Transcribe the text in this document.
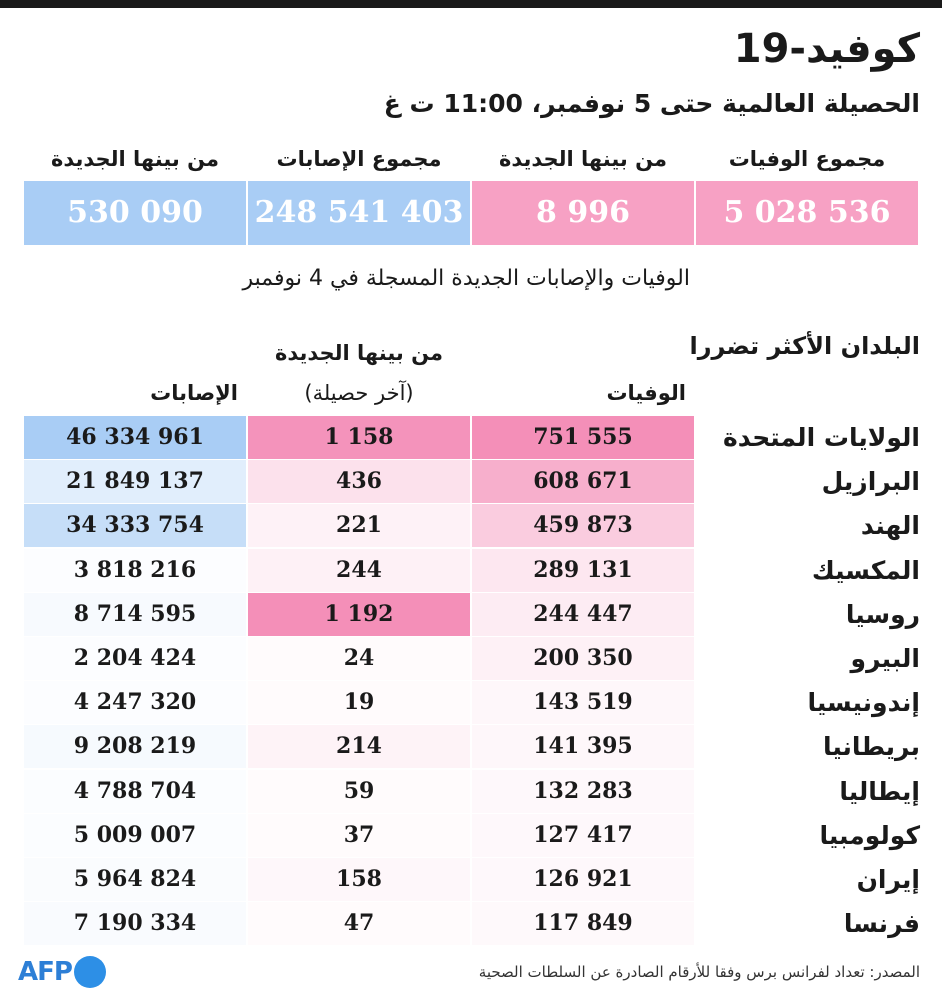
كوفيد-19
الحصيلة العالمية حتى 5 نوفمبر، 11:00 ت غ
مجموع الوفيات
من بينها الجديدة
مجموع الإصابات
من بينها الجديدة
5 028 536
8 996
248 541 403
530 090
الوفيات والإصابات الجديدة المسجلة في 4 نوفمبر
البلدان الأكثر تضررا
الوفيات
من بينها الجديدة
(آخر حصيلة)
الإصابات
الولايات المتحدة
751 555
1 158
46 334 961
البرازيل
608 671
436
21 849 137
الهند
459 873
221
34 333 754
المكسيك
289 131
244
3 818 216
روسيا
244 447
1 192
8 714 595
البيرو
200 350
24
2 204 424
إندونيسيا
143 519
19
4 247 320
بريطانيا
141 395
214
9 208 219
إيطاليا
132 283
59
4 788 704
كولومبيا
127 417
37
5 009 007
إيران
126 921
158
5 964 824
فرنسا
117 849
47
7 190 334
المصدر: تعداد لفرانس برس وفقا للأرقام الصادرة عن السلطات الصحية
AFP
